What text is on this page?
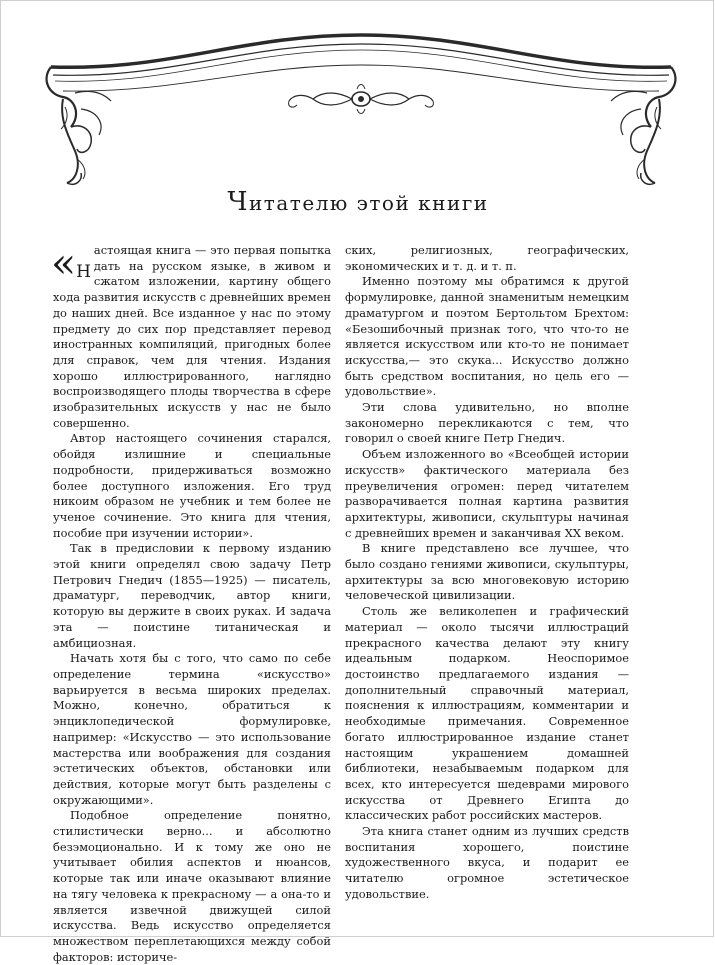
Читателю этой книги

«Н
астоящая книга — это первая попытка дать на русском языке, в живом и сжатом изложении, картину общего хода развития искусств с древнейших времен до наших дней. Все изданное у нас по этому предмету до сих пор представляет перевод иностранных компиляций, пригодных более для справок, чем для чтения. Издания хорошо иллюстрированного, наглядно воспроизводящего плоды творчества в сфере изобразительных искусств у нас не было совершенно.

Автор настоящего сочинения старался, обойдя излишние и специальные подробности, придерживаться возможно более доступного изложения. Его труд никоим образом не учебник и тем более не ученое сочинение. Это книга для чтения, пособие при изучении истории».

Так в предисловии к первому изданию этой книги определял свою задачу Петр Петрович Гнедич (1855—1925) — писатель, драматург, переводчик, автор книги, которую вы держите в своих руках. И задача эта — поистине титаническая и амбициозная.

Начать хотя бы с того, что само по себе определение термина «искусство» варьируется в весьма широких пределах. Можно, конечно, обратиться к энциклопедической формулировке, например: «Искусство — это использование мастерства или воображения для создания эстетических объектов, обстановки или действия, которые могут быть разделены с окружающими».

Подобное определение понятно, стилистически верно... и абсолютно безэмоционально. И к тому же оно не учитывает обилия аспектов и нюансов, которые так или иначе оказывают влияние на тягу человека к прекрасному — а она-то и является извечной движущей силой искусства. Ведь искусство определяется множеством переплетающихся между собой факторов: историче-

ских, религиозных, географических, экономических и т. д. и т. п.

Именно поэтому мы обратимся к другой формулировке, данной знаменитым немецким драматургом и поэтом Бертольтом Брехтом: «Безошибочный признак того, что что-то не является искусством или кто-то не понимает искусства,— это скука... Искусство должно быть средством воспитания, но цель его — удовольствие».

Эти слова удивительно, но вполне закономерно перекликаются с тем, что говорил о своей книге Петр Гнедич.

Объем изложенного во «Всеобщей истории искусств» фактического материала без преувеличения огромен: перед читателем разворачивается полная картина развития архитектуры, живописи, скульптуры начиная с древнейших времен и заканчивая XX веком.

В книге представлено все лучшее, что было создано гениями живописи, скульптуры, архитектуры за всю многовековую историю человеческой цивилизации.

Столь же великолепен и графический материал — около тысячи иллюстраций прекрасного качества делают эту книгу идеальным подарком. Неоспоримое достоинство предлагаемого издания — дополнительный справочный материал, пояснения к иллюстрациям, комментарии и необходимые примечания. Современное богато иллюстрированное издание станет настоящим украшением домашней библиотеки, незабываемым подарком для всех, кто интересуется шедеврами мирового искусства от Древнего Египта до классических работ российских мастеров.

Эта книга станет одним из лучших средств воспитания хорошего, поистине художественного вкуса, и подарит ее читателю огромное эстетическое удовольствие.
